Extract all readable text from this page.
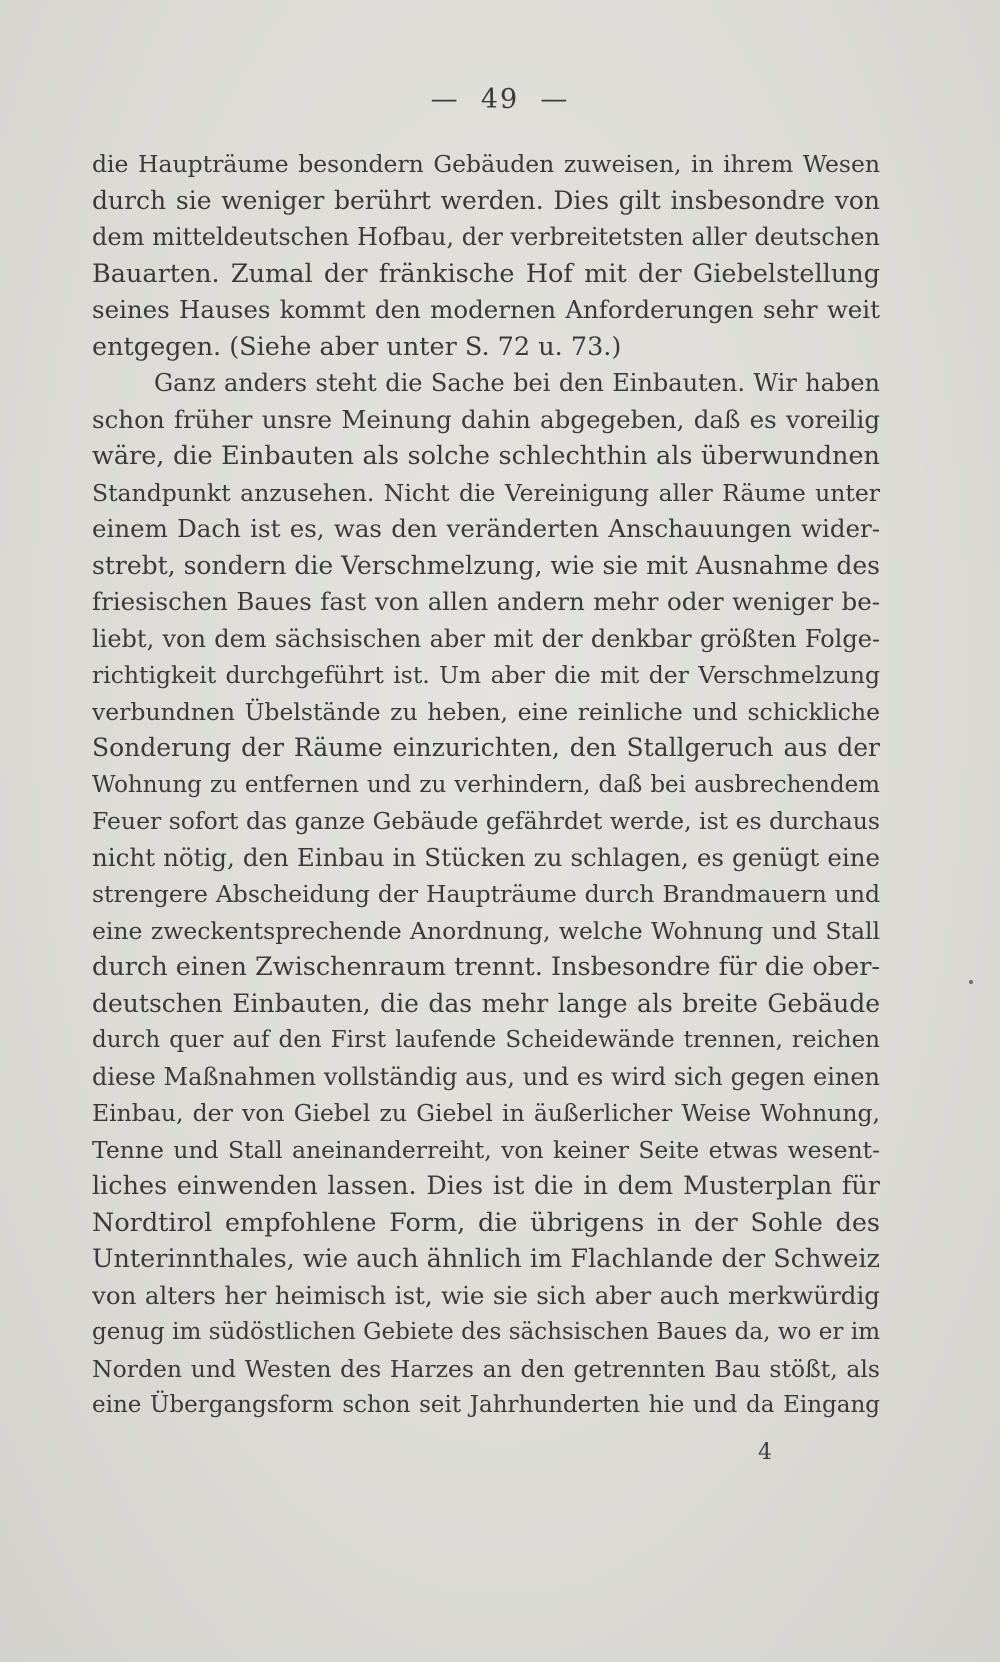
—  49  —
die Haupträume besondern Gebäuden zuweisen, in ihrem Wesen
durch sie weniger berührt werden. Dies gilt insbesondre von
dem mitteldeutschen Hofbau, der verbreitetsten aller deutschen
Bauarten. Zumal der fränkische Hof mit der Giebelstellung
seines Hauses kommt den modernen Anforderungen sehr weit
entgegen. (Siehe aber unter S. 72 u. 73.)
Ganz anders steht die Sache bei den Einbauten. Wir haben
schon früher unsre Meinung dahin abgegeben, daß es voreilig
wäre, die Einbauten als solche schlechthin als überwundnen
Standpunkt anzusehen. Nicht die Vereinigung aller Räume unter
einem Dach ist es, was den veränderten Anschauungen wider-
strebt, sondern die Verschmelzung, wie sie mit Ausnahme des
friesischen Baues fast von allen andern mehr oder weniger be-
liebt, von dem sächsischen aber mit der denkbar größten Folge-
richtigkeit durchgeführt ist. Um aber die mit der Verschmelzung
verbundnen Übelstände zu heben, eine reinliche und schickliche
Sonderung der Räume einzurichten, den Stallgeruch aus der
Wohnung zu entfernen und zu verhindern, daß bei ausbrechendem
Feuer sofort das ganze Gebäude gefährdet werde, ist es durchaus
nicht nötig, den Einbau in Stücken zu schlagen, es genügt eine
strengere Abscheidung der Haupträume durch Brandmauern und
eine zweckentsprechende Anordnung, welche Wohnung und Stall
durch einen Zwischenraum trennt. Insbesondre für die ober-
deutschen Einbauten, die das mehr lange als breite Gebäude
durch quer auf den First laufende Scheidewände trennen, reichen
diese Maßnahmen vollständig aus, und es wird sich gegen einen
Einbau, der von Giebel zu Giebel in äußerlicher Weise Wohnung,
Tenne und Stall aneinanderreiht, von keiner Seite etwas wesent-
liches einwenden lassen. Dies ist die in dem Musterplan für
Nordtirol empfohlene Form, die übrigens in der Sohle des
Unterinnthales, wie auch ähnlich im Flachlande der Schweiz
von alters her heimisch ist, wie sie sich aber auch merkwürdig
genug im südöstlichen Gebiete des sächsischen Baues da, wo er im
Norden und Westen des Harzes an den getrennten Bau stößt, als
eine Übergangsform schon seit Jahrhunderten hie und da Eingang
4
